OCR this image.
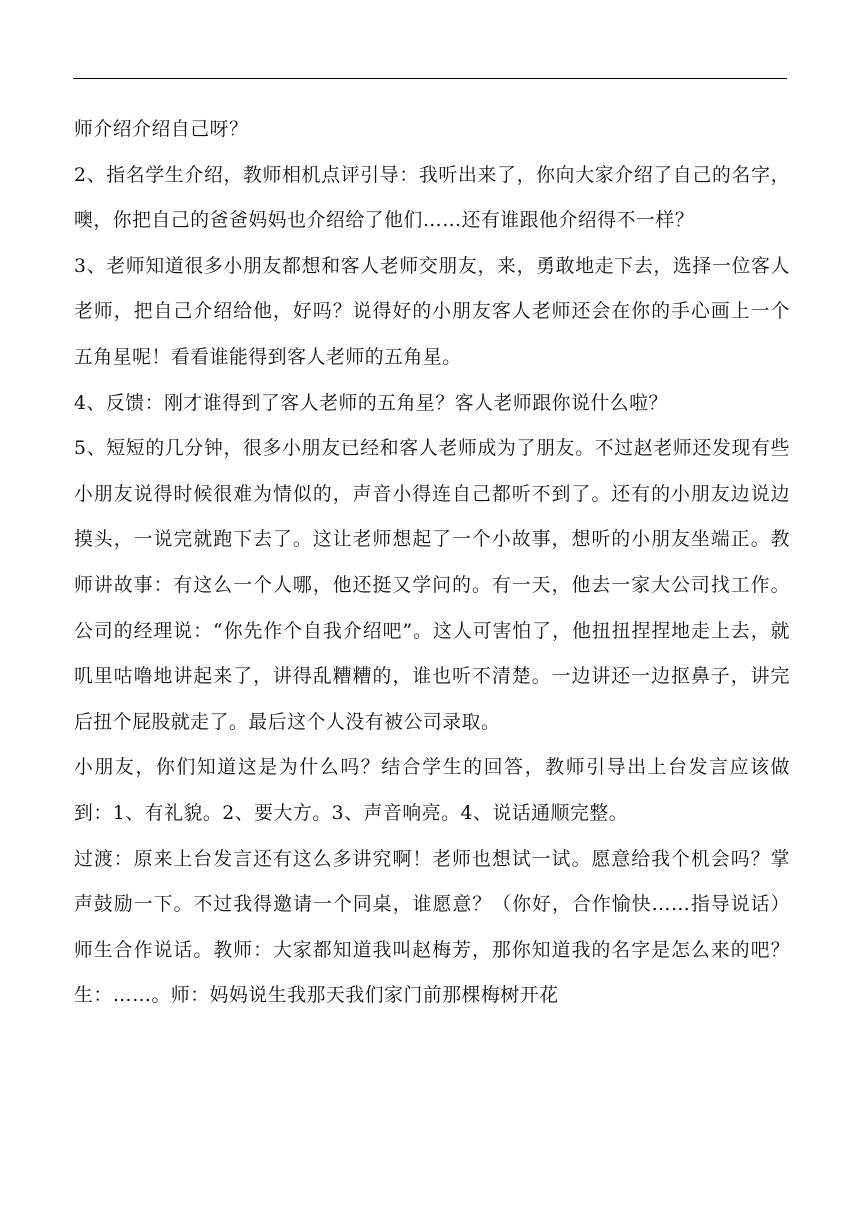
师介绍介绍自己呀？

2、指名学生介绍，教师相机点评引导：我听出来了，你向大家介绍了自己的名字，噢，你把自己的爸爸妈妈也介绍给了他们……还有谁跟他介绍得不一样？

3、老师知道很多小朋友都想和客人老师交朋友，来，勇敢地走下去，选择一位客人老师，把自己介绍给他，好吗？说得好的小朋友客人老师还会在你的手心画上一个五角星呢！看看谁能得到客人老师的五角星。

4、反馈：刚才谁得到了客人老师的五角星？客人老师跟你说什么啦？

5、短短的几分钟，很多小朋友已经和客人老师成为了朋友。不过赵老师还发现有些小朋友说得时候很难为情似的，声音小得连自己都听不到了。还有的小朋友边说边摸头，一说完就跑下去了。这让老师想起了一个小故事，想听的小朋友坐端正。教师讲故事：有这么一个人哪，他还挺又学问的。有一天，他去一家大公司找工作。公司的经理说：“你先作个自我介绍吧”。这人可害怕了，他扭扭捏捏地走上去，就叽里咕噜地讲起来了，讲得乱糟糟的，谁也听不清楚。一边讲还一边抠鼻子，讲完后扭个屁股就走了。最后这个人没有被公司录取。

小朋友，你们知道这是为什么吗？结合学生的回答，教师引导出上台发言应该做到：1、有礼貌。2、要大方。3、声音响亮。4、说话通顺完整。

过渡：原来上台发言还有这么多讲究啊！老师也想试一试。愿意给我个机会吗？掌声鼓励一下。不过我得邀请一个同桌，谁愿意？（你好，合作愉快……指导说话）师生合作说话。教师：大家都知道我叫赵梅芳，那你知道我的名字是怎么来的吧？生：……。师：妈妈说生我那天我们家门前那棵梅树开花
